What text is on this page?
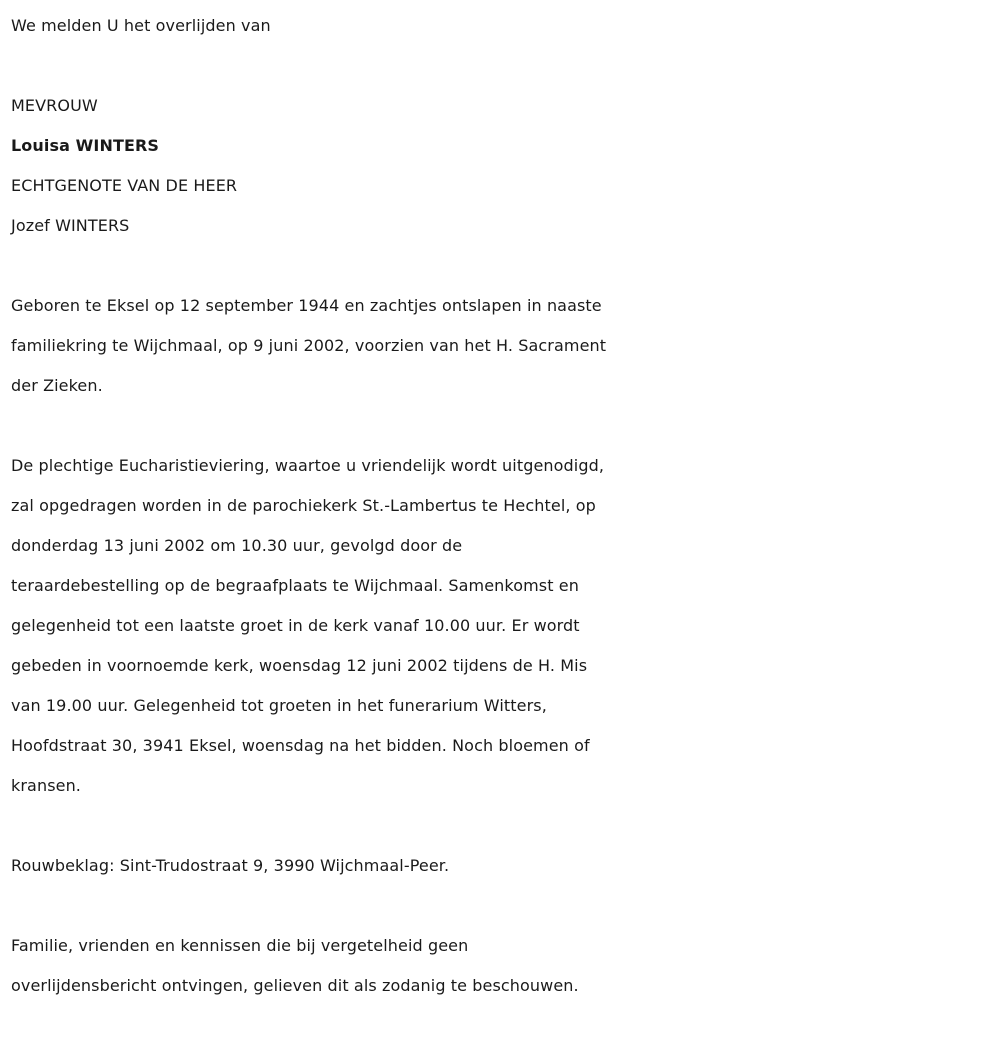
We melden U het overlijden van
MEVROUW
Louisa WINTERS
ECHTGENOTE VAN DE HEER
Jozef WINTERS
Geboren te Eksel op 12 september 1944 en zachtjes ontslapen in naaste
familiekring te Wijchmaal, op 9 juni 2002, voorzien van het H. Sacrament
der Zieken.
De plechtige Eucharistieviering, waartoe u vriendelijk wordt uitgenodigd,
zal opgedragen worden in de parochiekerk St.-Lambertus te Hechtel, op
donderdag 13 juni 2002 om 10.30 uur, gevolgd door de
teraardebestelling op de begraafplaats te Wijchmaal. Samenkomst en
gelegenheid tot een laatste groet in de kerk vanaf 10.00 uur. Er wordt
gebeden in voornoemde kerk, woensdag 12 juni 2002 tijdens de H. Mis
van 19.00 uur. Gelegenheid tot groeten in het funerarium Witters,
Hoofdstraat 30, 3941 Eksel, woensdag na het bidden. Noch bloemen of
kransen.
Rouwbeklag: Sint-Trudostraat 9, 3990 Wijchmaal-Peer.
Familie, vrienden en kennissen die bij vergetelheid geen
overlijdensbericht ontvingen, gelieven dit als zodanig te beschouwen.
